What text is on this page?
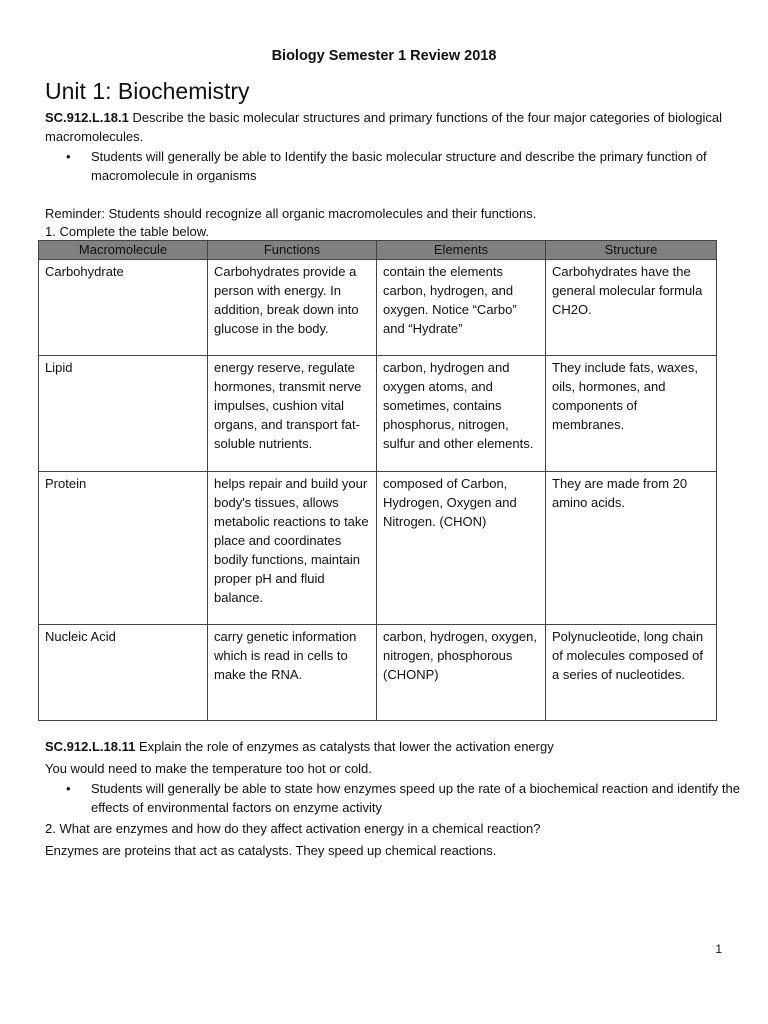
Biology Semester 1 Review 2018
Unit 1: Biochemistry
SC.912.L.18.1 Describe the basic molecular structures and primary functions of the four major categories of biological macromolecules.
• Students will generally be able to Identify the basic molecular structure and describe the primary function of macromolecule in organisms
Reminder: Students should recognize all organic macromolecules and their functions.
1. Complete the table below.
Macromolecule	Functions	Elements	Structure
Carbohydrate	Carbohydrates provide a person with energy. In addition, break down into glucose in the body.	contain the elements carbon, hydrogen, and oxygen. Notice “Carbo” and “Hydrate”	Carbohydrates have the general molecular formula CH2O.
Lipid	energy reserve, regulate hormones, transmit nerve impulses, cushion vital organs, and transport fat-soluble nutrients.	carbon, hydrogen and oxygen atoms, and sometimes, contains phosphorus, nitrogen, sulfur and other elements.	They include fats, waxes, oils, hormones, and components of membranes.
Protein	helps repair and build your body's tissues, allows metabolic reactions to take place and coordinates bodily functions, maintain proper pH and fluid balance.	composed of Carbon, Hydrogen, Oxygen and Nitrogen. (CHON)	They are made from 20 amino acids.
Nucleic Acid	carry genetic information which is read in cells to make the RNA.	carbon, hydrogen, oxygen, nitrogen, phosphorous (CHONP)	Polynucleotide, long chain of molecules composed of a series of nucleotides.
SC.912.L.18.11 Explain the role of enzymes as catalysts that lower the activation energy
You would need to make the temperature too hot or cold.
• Students will generally be able to state how enzymes speed up the rate of a biochemical reaction and identify the effects of environmental factors on enzyme activity
2. What are enzymes and how do they affect activation energy in a chemical reaction?
Enzymes are proteins that act as catalysts. They speed up chemical reactions.
1
